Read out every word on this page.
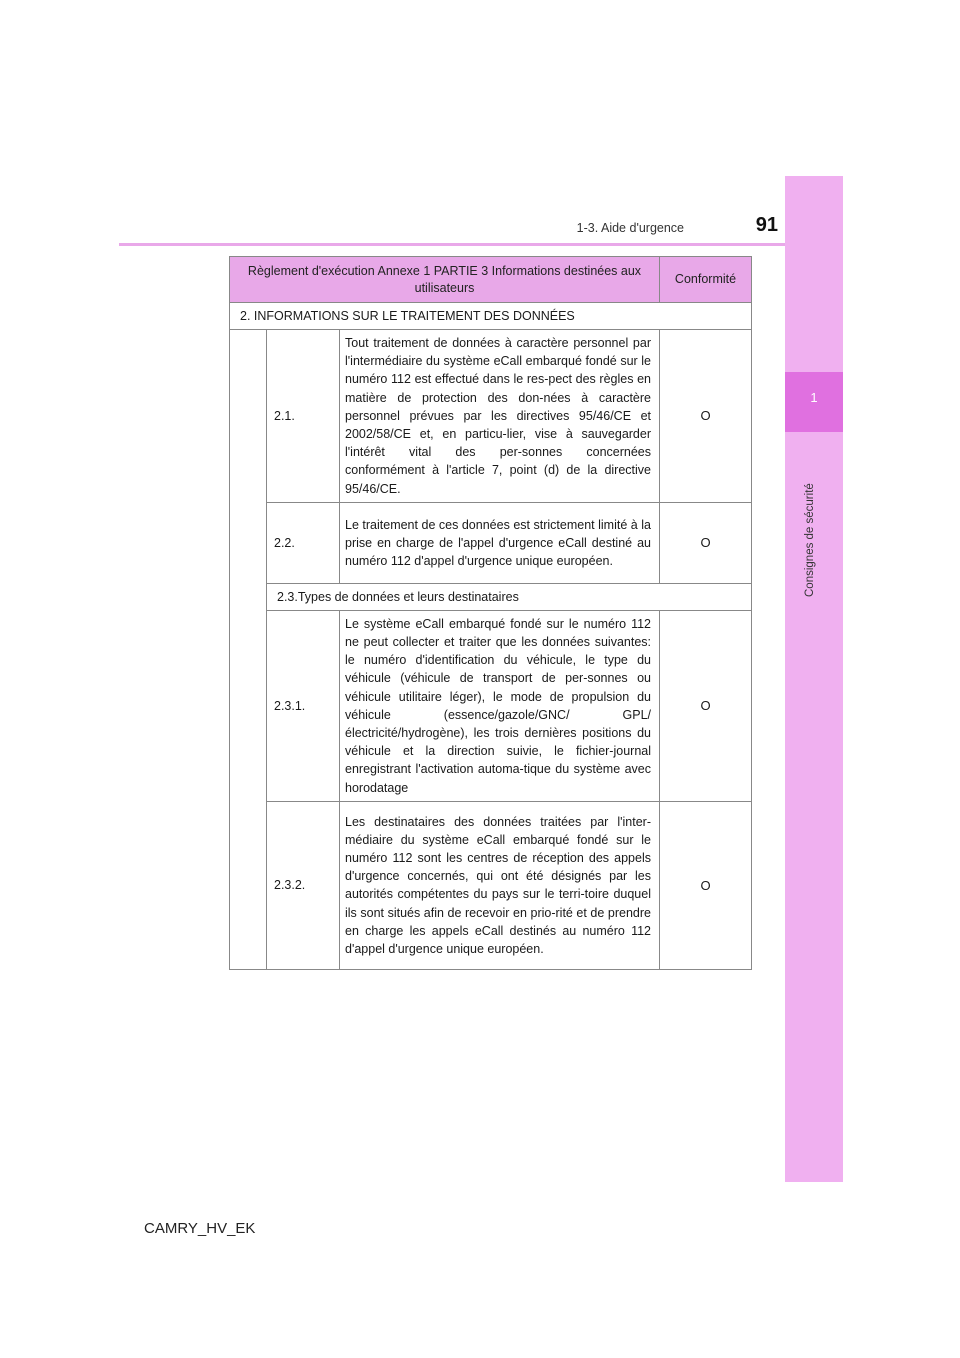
1
Consignes de sécurité
1-3. Aide d'urgence	91
Règlement d'exécution Annexe 1 PARTIE 3 Informations destinées aux utilisateurs			Conformité
2. INFORMATIONS SUR LE TRAITEMENT DES DONNÉES			
	2.1.	Tout traitement de données à caractère personnel par l'intermédiaire du système eCall embarqué fondé sur le numéro 112 est effectué dans le res-pect des règles en matière de protection des don-nées à caractère personnel prévues par les directives 95/46/CE et 2002/58/CE et, en particu-lier, vise à sauvegarder l'intérêt vital des per-sonnes concernées conformément à l'article 7, point (d) de la directive 95/46/CE.	O
	2.2.	Le traitement de ces données est strictement limité à la prise en charge de l'appel d'urgence eCall destiné au numéro 112 d'appel d'urgence unique européen.	O
	2.3.Types de données et leurs destinataires		
	2.3.1.	Le système eCall embarqué fondé sur le numéro 112 ne peut collecter et traiter que les données suivantes: le numéro d'identification du véhicule, le type du véhicule (véhicule de transport de per-sonnes ou véhicule utilitaire léger), le mode de propulsion du véhicule (essence/gazole/GNC/ GPL/électricité/hydrogène), les trois dernières positions du véhicule et la direction suivie, le fichier-journal enregistrant l'activation automa-tique du système avec horodatage	O
	2.3.2.	Les destinataires des données traitées par l'inter-médiaire du système eCall embarqué fondé sur le numéro 112 sont les centres de réception des appels d'urgence concernés, qui ont été désignés par les autorités compétentes du pays sur le terri-toire duquel ils sont situés afin de recevoir en prio-rité et de prendre en charge les appels eCall destinés au numéro 112 d'appel d'urgence unique européen.	O
CAMRY_HV_EK
